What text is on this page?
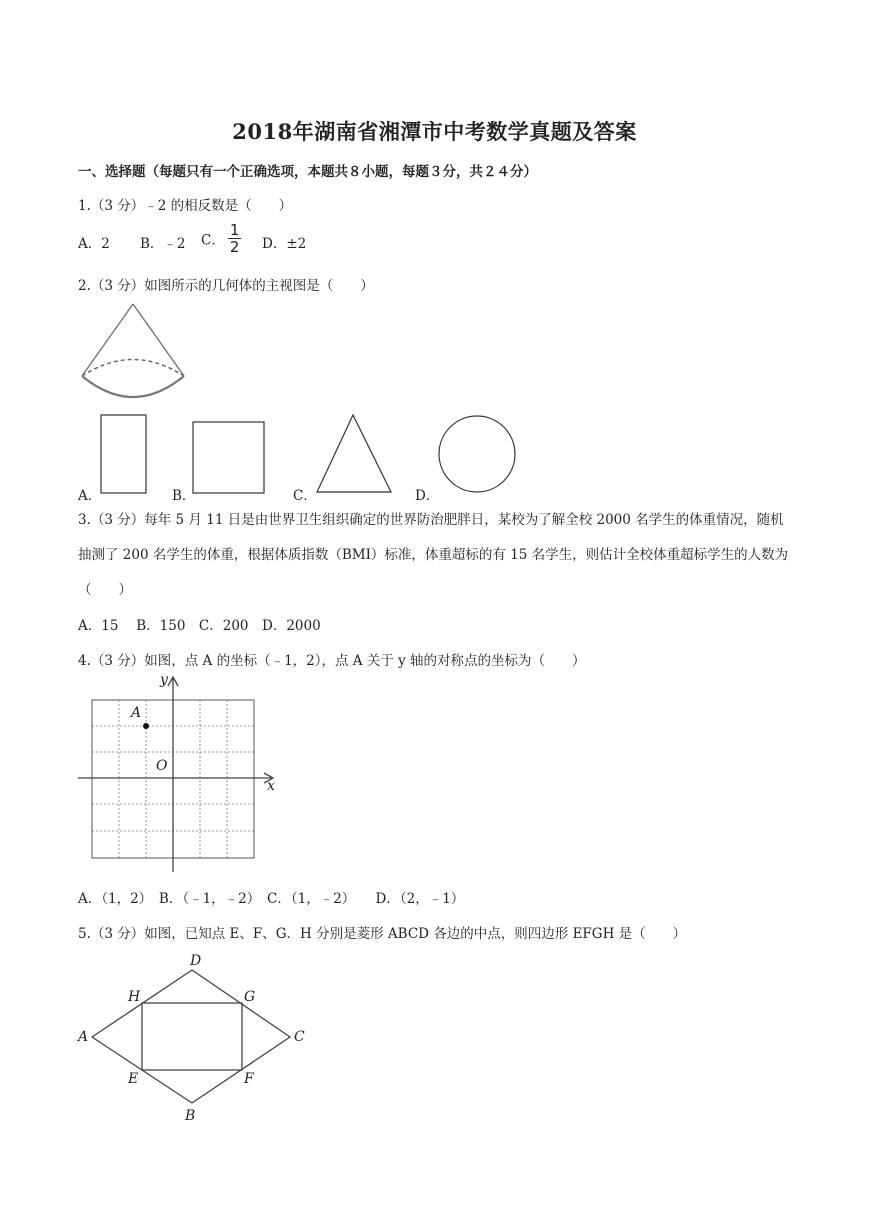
2018年湖南省湘潭市中考数学真题及答案
一、选择题（每题只有一个正确选项，本题共８小题，每题３分，共２４分）
1.（3 分）﹣2 的相反数是（　　）
A．2 B．﹣2 C． $\frac{1}{2}$ D．±2
2.（3 分）如图所示的几何体的主视图是（　　）
A．	B．	C．	D．
3.（3 分）每年 5 月 11 日是由世界卫生组织确定的世界防治肥胖日，某校为了解全校 2000 名学生的体重情况，随机抽测了 200 名学生的体重，根据体质指数（BMI）标准，体重超标的有 15 名学生，则估计全校体重超标学生的人数为（　　）
A．15　 B．150　C．200　D．2000
4.（3 分）如图，点 A 的坐标（﹣1，2），点 A 关于 y 轴的对称点的坐标为（　　）
y
x
O
A
A．（1，2）　B．（﹣1，﹣2）　C．（1，﹣2）　　D．（2，﹣1）
5.（3 分）如图，已知点 E、F、G．H 分别是菱形 ABCD 各边的中点，则四边形 EFGH 是（　　）
A
D
C
B
H	G
E	F
